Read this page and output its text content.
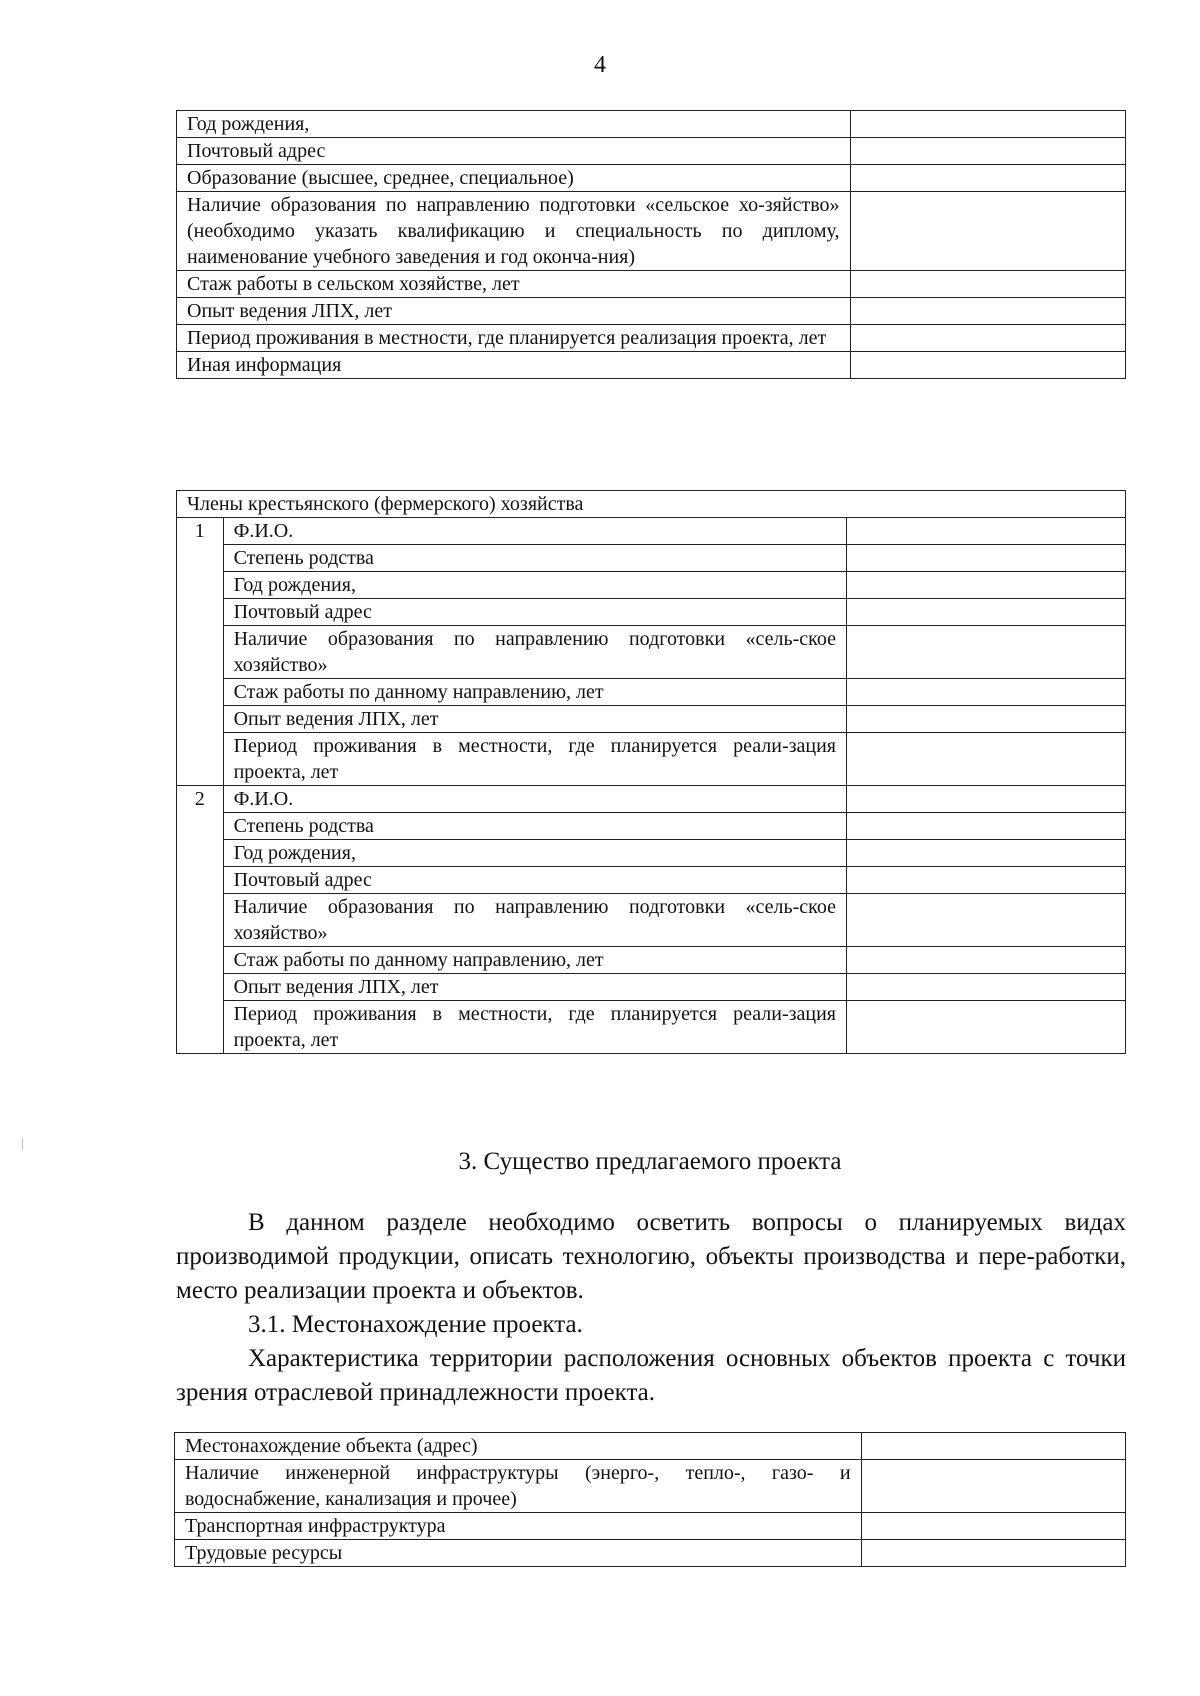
4
Год рождения,	
Почтовый адрес	
Образование (высшее, среднее, специальное)	
Наличие образования по направлению подготовки «сельское хо-зяйство» (необходимо указать квалификацию и специальность по диплому, наименование учебного заведения и год оконча-ния)	
Стаж работы в сельском хозяйстве, лет	
Опыт ведения ЛПХ, лет	
Период проживания в местности, где планируется реализация проекта, лет	
Иная информация	
Члены крестьянского (фермерского) хозяйства		
1	Ф.И.О.	
	Степень родства	
	Год рождения,	
	Почтовый адрес	
	Наличие образования по направлению подготовки «сель-ское хозяйство»	
	Стаж работы по данному направлению, лет	
	Опыт ведения ЛПХ, лет	
	Период проживания в местности, где планируется реали-зация проекта, лет	
2	Ф.И.О.	
	Степень родства	
	Год рождения,	
	Почтовый адрес	
	Наличие образования по направлению подготовки «сель-ское хозяйство»	
	Стаж работы по данному направлению, лет	
	Опыт ведения ЛПХ, лет	
	Период проживания в местности, где планируется реали-зация проекта, лет	
3. Существо предлагаемого проекта

В данном разделе необходимо осветить вопросы о планируемых видах производимой продукции, описать технологию, объекты производства и пере-работки, место реализации проекта и объектов.

3.1. Местонахождение проекта.

Характеристика территории расположения основных объектов проекта с точки зрения отраслевой принадлежности проекта.

Местонахождение объекта (адрес)	
Наличие инженерной инфраструктуры (энерго-, тепло-, газо- и водоснабжение, канализация и прочее)	
Транспортная инфраструктура	
Трудовые ресурсы	
